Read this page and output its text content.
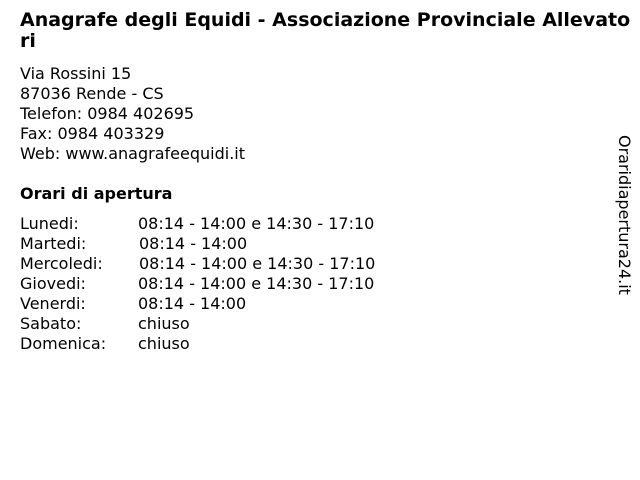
Anagrafe degli Equidi - Associazione Provinciale Allevatori
Via Rossini 15
87036 Rende - CS
Telefon: 0984 402695
Fax: 0984 403329
Web: www.anagrafeequidi.it
Orari di apertura
Lunedi:	08:14 - 14:00 e 14:30 - 17:10
Martedi:	08:14 - 14:00
Mercoledi:	08:14 - 14:00 e 14:30 - 17:10
Giovedi:	08:14 - 14:00 e 14:30 - 17:10
Venerdi:	08:14 - 14:00
Sabato:	chiuso
Domenica:	chiuso
Oraridiapertura24.it
